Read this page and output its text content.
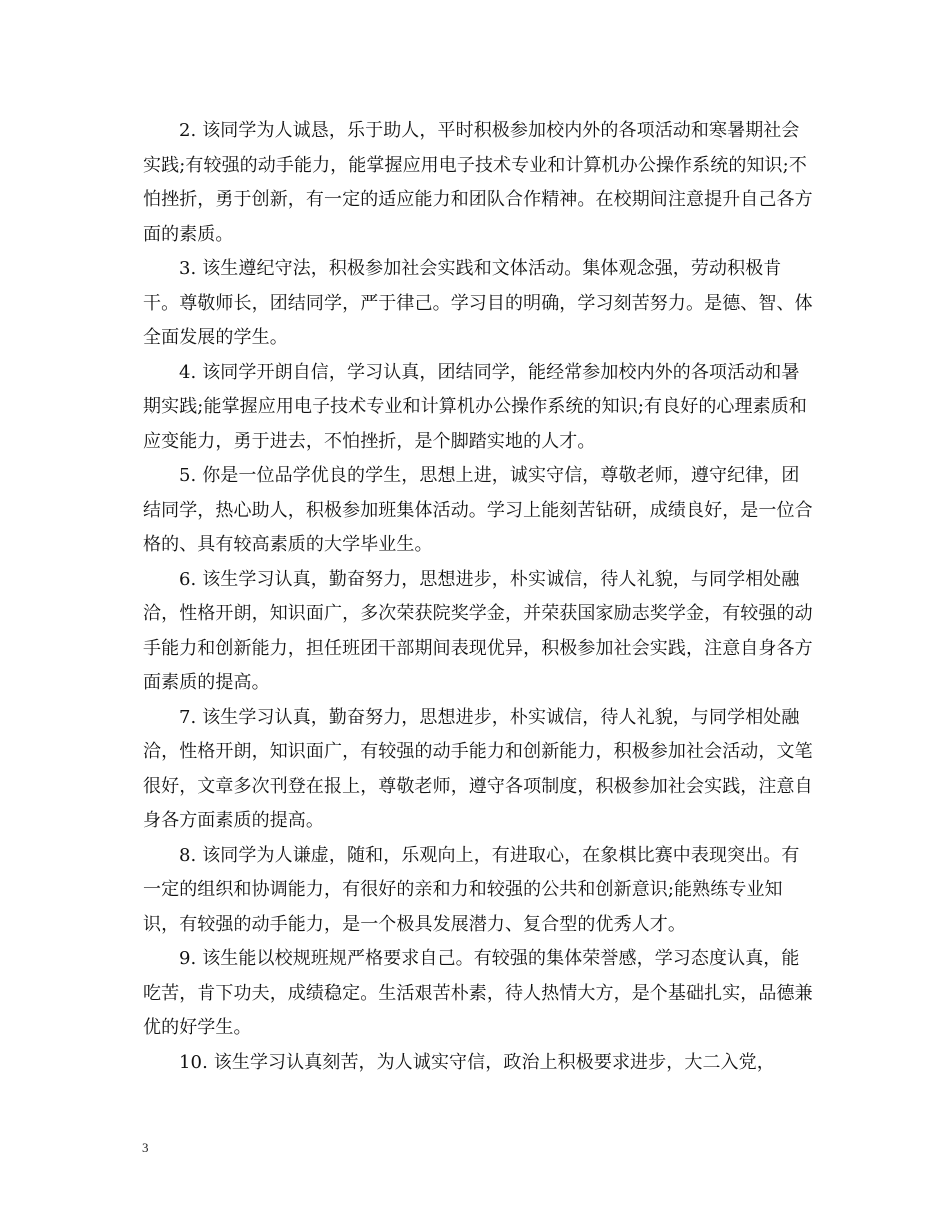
2. 该同学为人诚恳，乐于助人，平时积极参加校内外的各项活动和寒暑期社会实践;有较强的动手能力，能掌握应用电子技术专业和计算机办公操作系统的知识;不怕挫折，勇于创新，有一定的适应能力和团队合作精神。在校期间注意提升自己各方面的素质。

3. 该生遵纪守法，积极参加社会实践和文体活动。集体观念强，劳动积极肯干。尊敬师长，团结同学，严于律己。学习目的明确，学习刻苦努力。是德、智、体全面发展的学生。

4. 该同学开朗自信，学习认真，团结同学，能经常参加校内外的各项活动和暑期实践;能掌握应用电子技术专业和计算机办公操作系统的知识;有良好的心理素质和应变能力，勇于进去，不怕挫折，是个脚踏实地的人才。

5. 你是一位品学优良的学生，思想上进，诚实守信，尊敬老师，遵守纪律，团结同学，热心助人，积极参加班集体活动。学习上能刻苦钻研，成绩良好，是一位合格的、具有较高素质的大学毕业生。

6. 该生学习认真，勤奋努力，思想进步，朴实诚信，待人礼貌，与同学相处融洽，性格开朗，知识面广，多次荣获院奖学金，并荣获国家励志奖学金，有较强的动手能力和创新能力，担任班团干部期间表现优异，积极参加社会实践，注意自身各方面素质的提高。

7. 该生学习认真，勤奋努力，思想进步，朴实诚信，待人礼貌，与同学相处融洽，性格开朗，知识面广，有较强的动手能力和创新能力，积极参加社会活动，文笔很好，文章多次刊登在报上，尊敬老师，遵守各项制度，积极参加社会实践，注意自身各方面素质的提高。

8. 该同学为人谦虚，随和，乐观向上，有进取心，在象棋比赛中表现突出。有一定的组织和协调能力，有很好的亲和力和较强的公共和创新意识;能熟练专业知识，有较强的动手能力，是一个极具发展潜力、复合型的优秀人才。

9. 该生能以校规班规严格要求自己。有较强的集体荣誉感，学习态度认真，能吃苦，肯下功夫，成绩稳定。生活艰苦朴素，待人热情大方，是个基础扎实，品德兼优的好学生。

10. 该生学习认真刻苦，为人诚实守信，政治上积极要求进步，大二入党，

3
